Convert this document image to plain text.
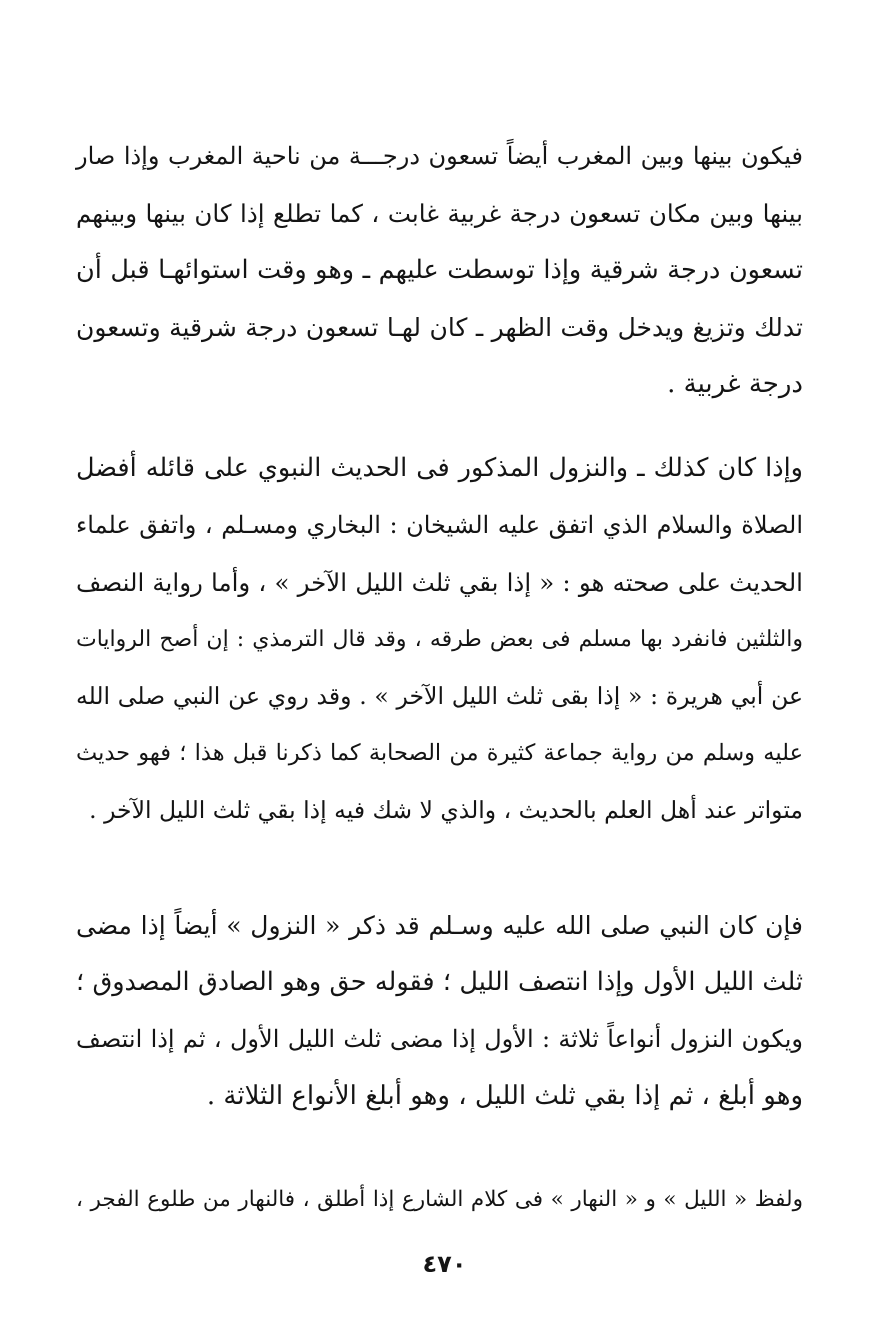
فيكون بينها وبين المغرب أيضاً تسعون درجـــة من ناحية المغرب وإذا صار
بينها وبين مكان تسعون درجة غربية غابت ، كما تطلع إذا كان بينها وبينهم
تسعون درجة شرقية وإذا توسطت عليهم ـ وهو وقت استوائهـا قبل أن
تدلك وتزيغ ويدخل وقت الظهر ـ كان لهـا تسعون درجة شرقية وتسعون
درجة غربية .
وإذا كان كذلك ـ والنزول المذكور فى الحديث النبوي على قائله أفضل
الصلاة والسلام الذي اتفق عليه الشيخان : البخاري ومسـلم ، واتفق علماء
الحديث على صحته هو : « إذا بقي ثلث الليل الآخر » ، وأما رواية النصف
والثلثين فانفرد بها مسلم فى بعض طرقه ، وقد قال الترمذي : إن أصح الروايات
عن أبي هريرة : « إذا بقى ثلث الليل الآخر » . وقد روي عن النبي صلى الله
عليه وسلم من رواية جماعة كثيرة من الصحابة كما ذكرنا قبل هذا ؛ فهو حديث
متواتر عند أهل العلم بالحديث ، والذي لا شك فيه إذا بقي ثلث الليل الآخر .
فإن كان النبي صلى الله عليه وسـلم قد ذكر « النزول » أيضاً إذا مضى
ثلث الليل الأول وإذا انتصف الليل ؛ فقوله حق وهو الصادق المصدوق ؛
ويكون النزول أنواعاً ثلاثة : الأول إذا مضى ثلث الليل الأول ، ثم إذا انتصف
وهو أبلغ ، ثم إذا بقي ثلث الليل ، وهو أبلغ الأنواع الثلاثة .
ولفظ « الليل » و « النهار » فى كلام الشارع إذا أطلق ، فالنهار من طلوع الفجر ،
٤٧٠
